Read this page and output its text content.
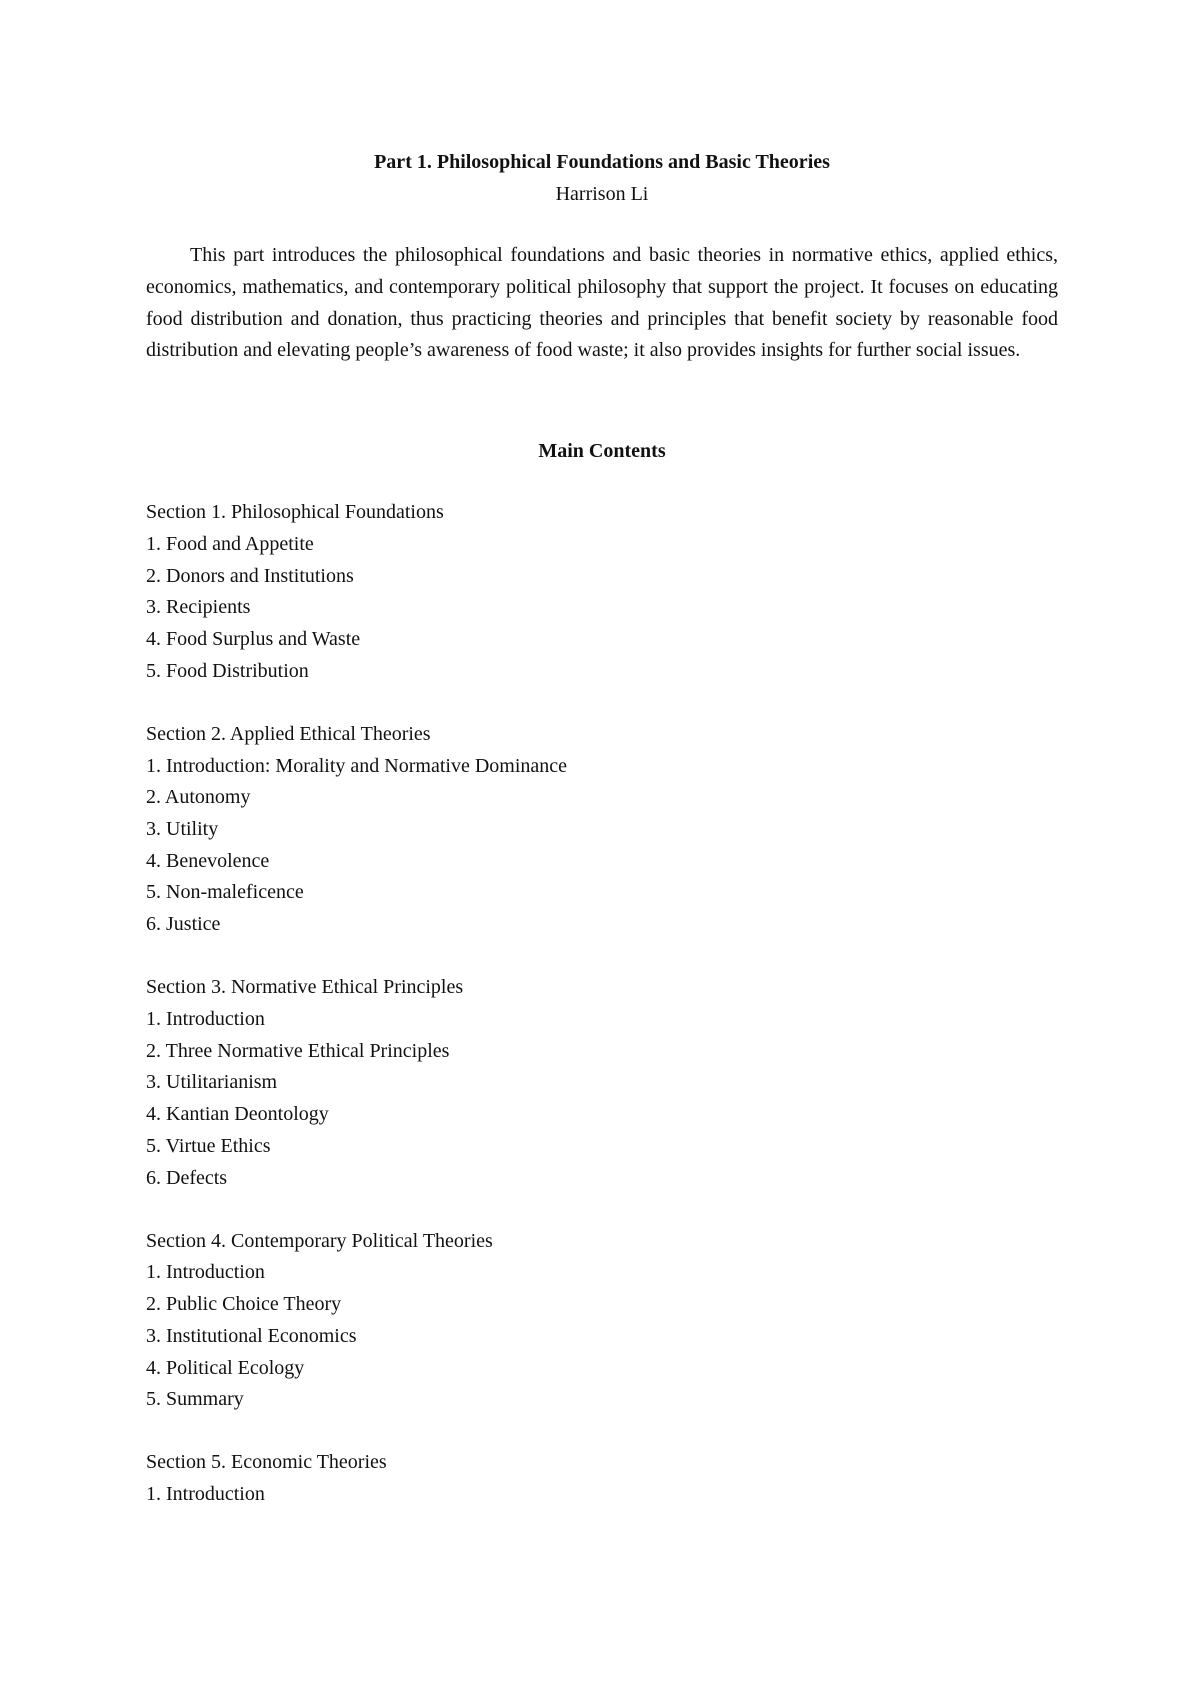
Part 1. Philosophical Foundations and Basic Theories

Harrison Li

This part introduces the philosophical foundations and basic theories in normative ethics, applied ethics, economics, mathematics, and contemporary political philosophy that support the project. It focuses on educating food distribution and donation, thus practicing theories and principles that benefit society by reasonable food distribution and elevating people’s awareness of food waste; it also provides insights for further social issues.

Main Contents

Section 1. Philosophical Foundations

1. Food and Appetite

2. Donors and Institutions

3. Recipients

4. Food Surplus and Waste

5. Food Distribution

Section 2. Applied Ethical Theories

1. Introduction: Morality and Normative Dominance

2. Autonomy

3. Utility

4. Benevolence

5. Non-maleficence

6. Justice

Section 3. Normative Ethical Principles

1. Introduction

2. Three Normative Ethical Principles

3. Utilitarianism

4. Kantian Deontology

5. Virtue Ethics

6. Defects

Section 4. Contemporary Political Theories

1. Introduction

2. Public Choice Theory

3. Institutional Economics

4. Political Ecology

5. Summary

Section 5. Economic Theories

1. Introduction
